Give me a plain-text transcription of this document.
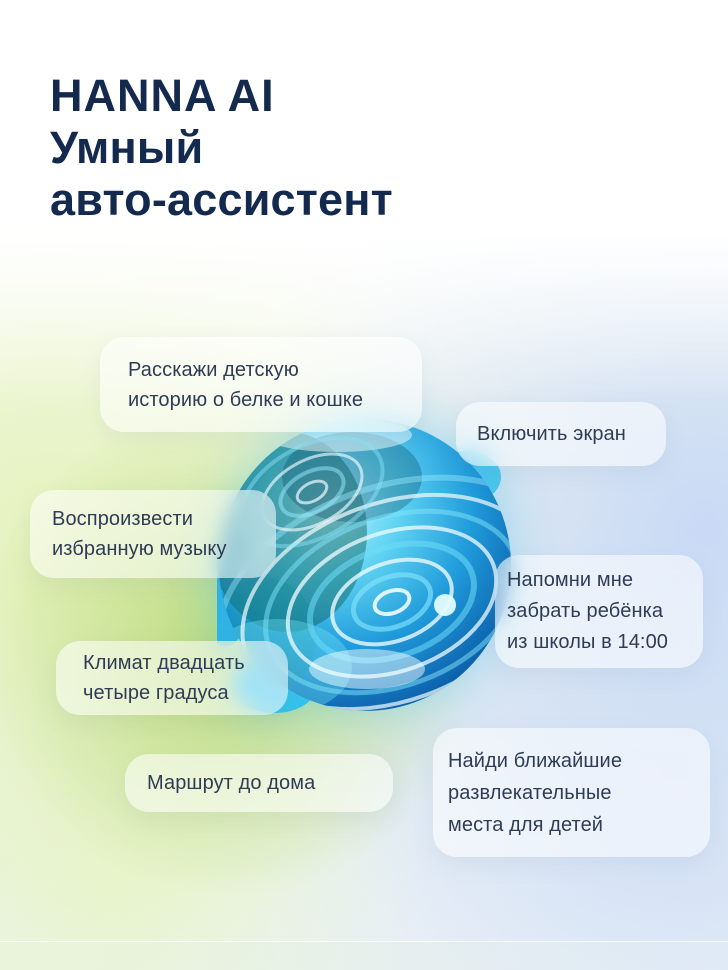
HANNA AI
Умный
авто-ассистент
Расскажи детскую
историю о белке и кошке
Включить экран
Воспроизвести
избранную музыку
Напомни мне
забрать ребёнка
из школы в 14:00
Климат двадцать
четыре градуса
Маршрут до дома
Найди ближайшие
развлекательные
места для детей
